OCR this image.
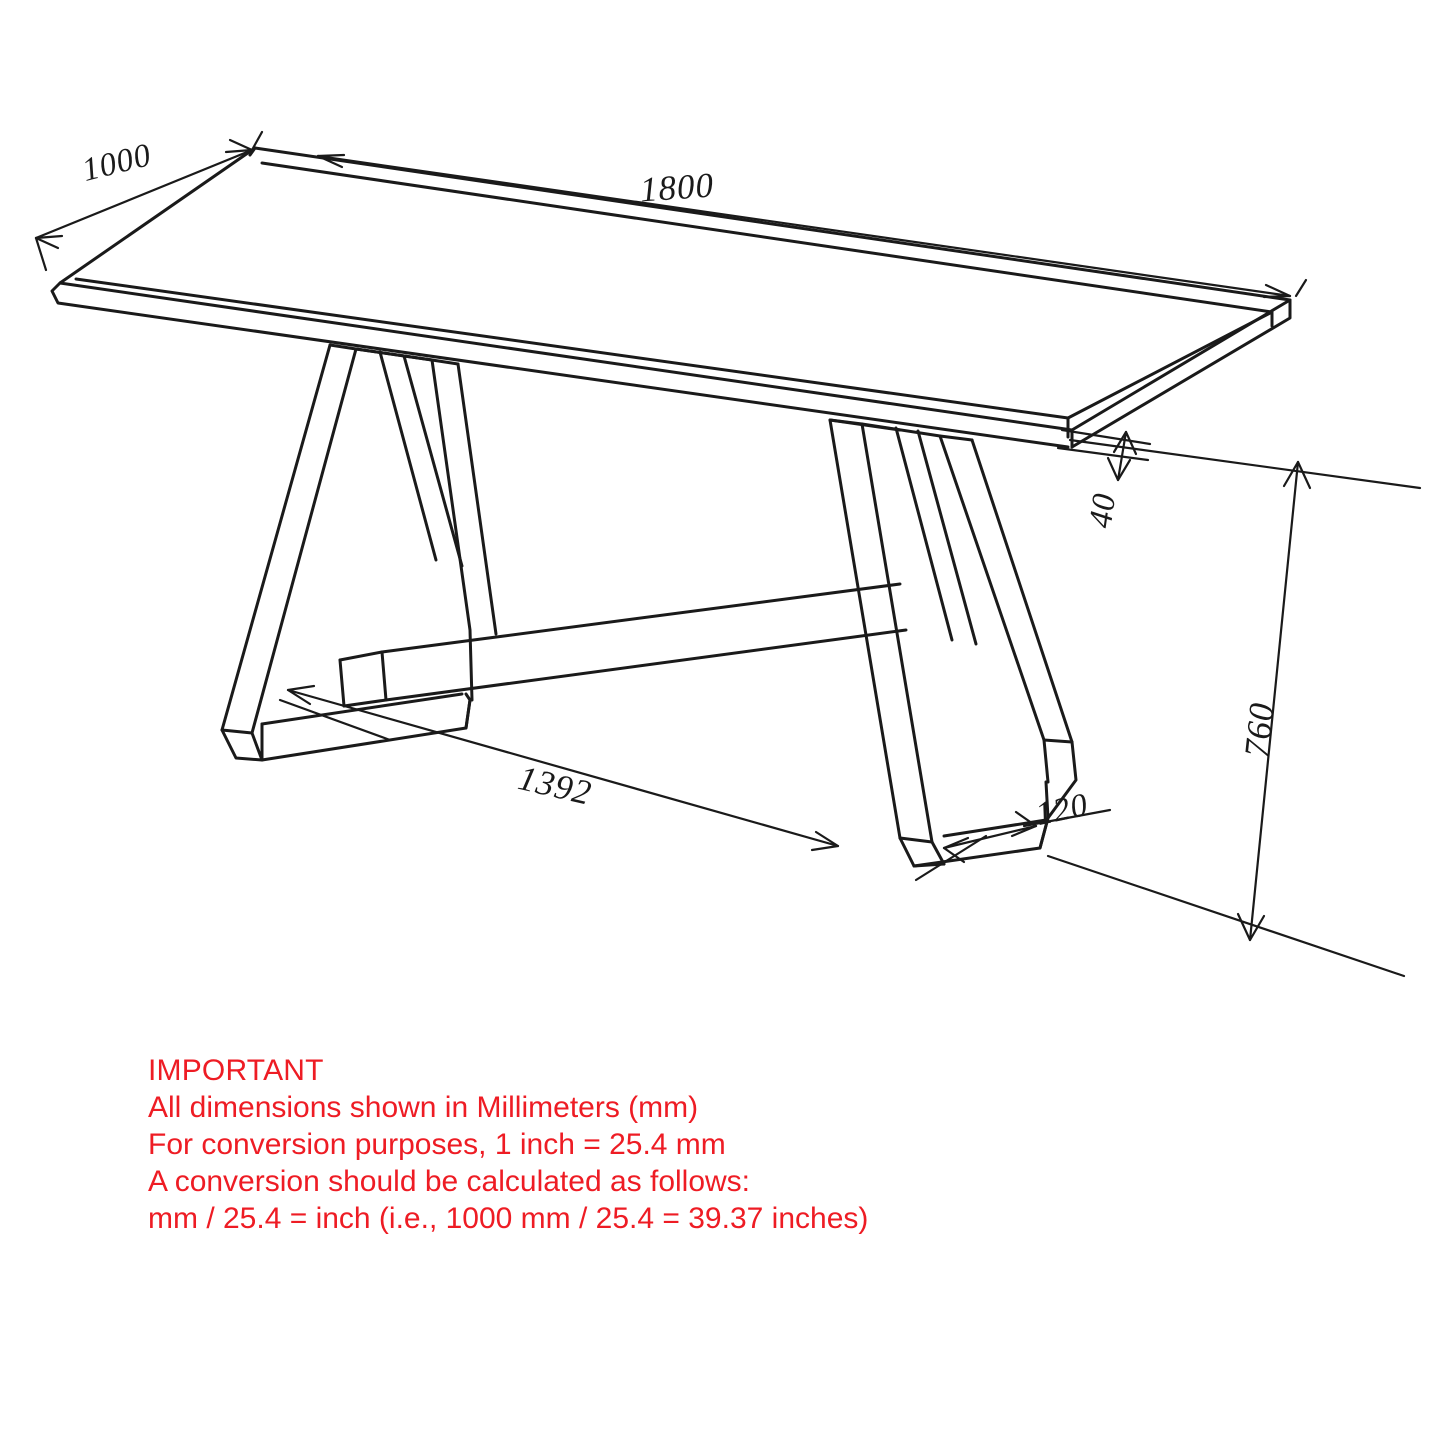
1000	1800
40
760
1392	120
IMPORTANT
All dimensions shown in Millimeters (mm)
For conversion purposes, 1 inch = 25.4 mm
A conversion should be calculated as follows:
mm / 25.4 = inch (i.e., 1000 mm / 25.4 = 39.37 inches)
